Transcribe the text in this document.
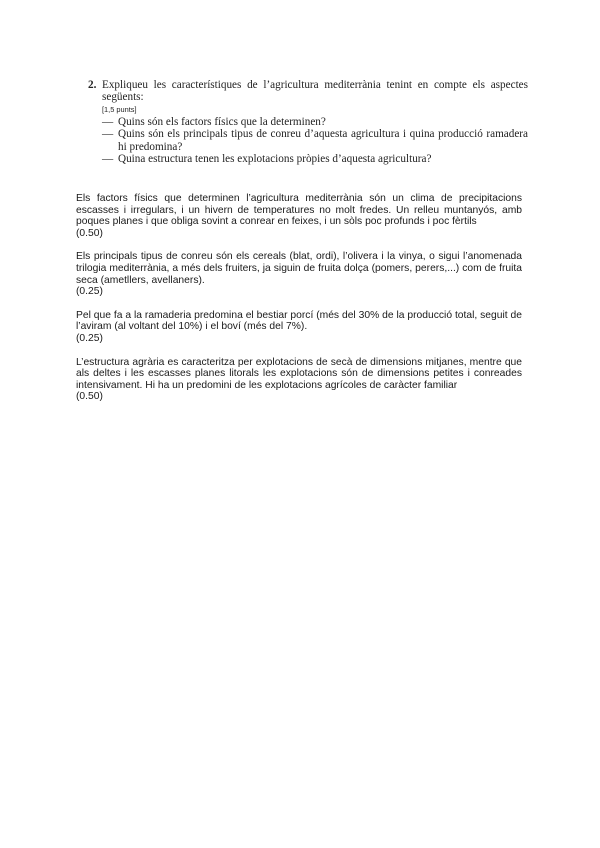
2. Expliqueu les característiques de l’agricultura mediterrània tenint en compte els aspectes següents:
[1,5 punts]
— Quins són els factors físics que la determinen?
— Quins són els principals tipus de conreu d’aquesta agricultura i quina producció ramadera hi predomina?
— Quina estructura tenen les explotacions pròpies d’aquesta agricultura?

Els factors físics que determinen l’agricultura mediterrània són un clima de precipitacions escasses i irregulars, i un hivern de temperatures no molt fredes. Un relleu muntanyós, amb poques planes i que obliga sovint a conrear en feixes, i un sòls poc profunds i poc fèrtils

(0.50)

Els principals tipus de conreu són els cereals (blat, ordi), l’olivera i la vinya, o sigui l’anomenada trilogia mediterrània, a més dels fruiters, ja siguin de fruita dolça (pomers, perers,...) com de fruita seca (ametllers, avellaners).

(0.25)

Pel que fa a la ramaderia predomina el bestiar porcí (més del 30% de la producció total, seguit de l’aviram (al voltant del 10%) i el boví (més del 7%).

(0.25)

L’estructura agrària es caracteritza per explotacions de secà de dimensions mitjanes, mentre que als deltes i les escasses planes litorals les explotacions són de dimensions petites i conreades intensivament. Hi ha un predomini de les explotacions agrícoles de caràcter familiar

(0.50)
